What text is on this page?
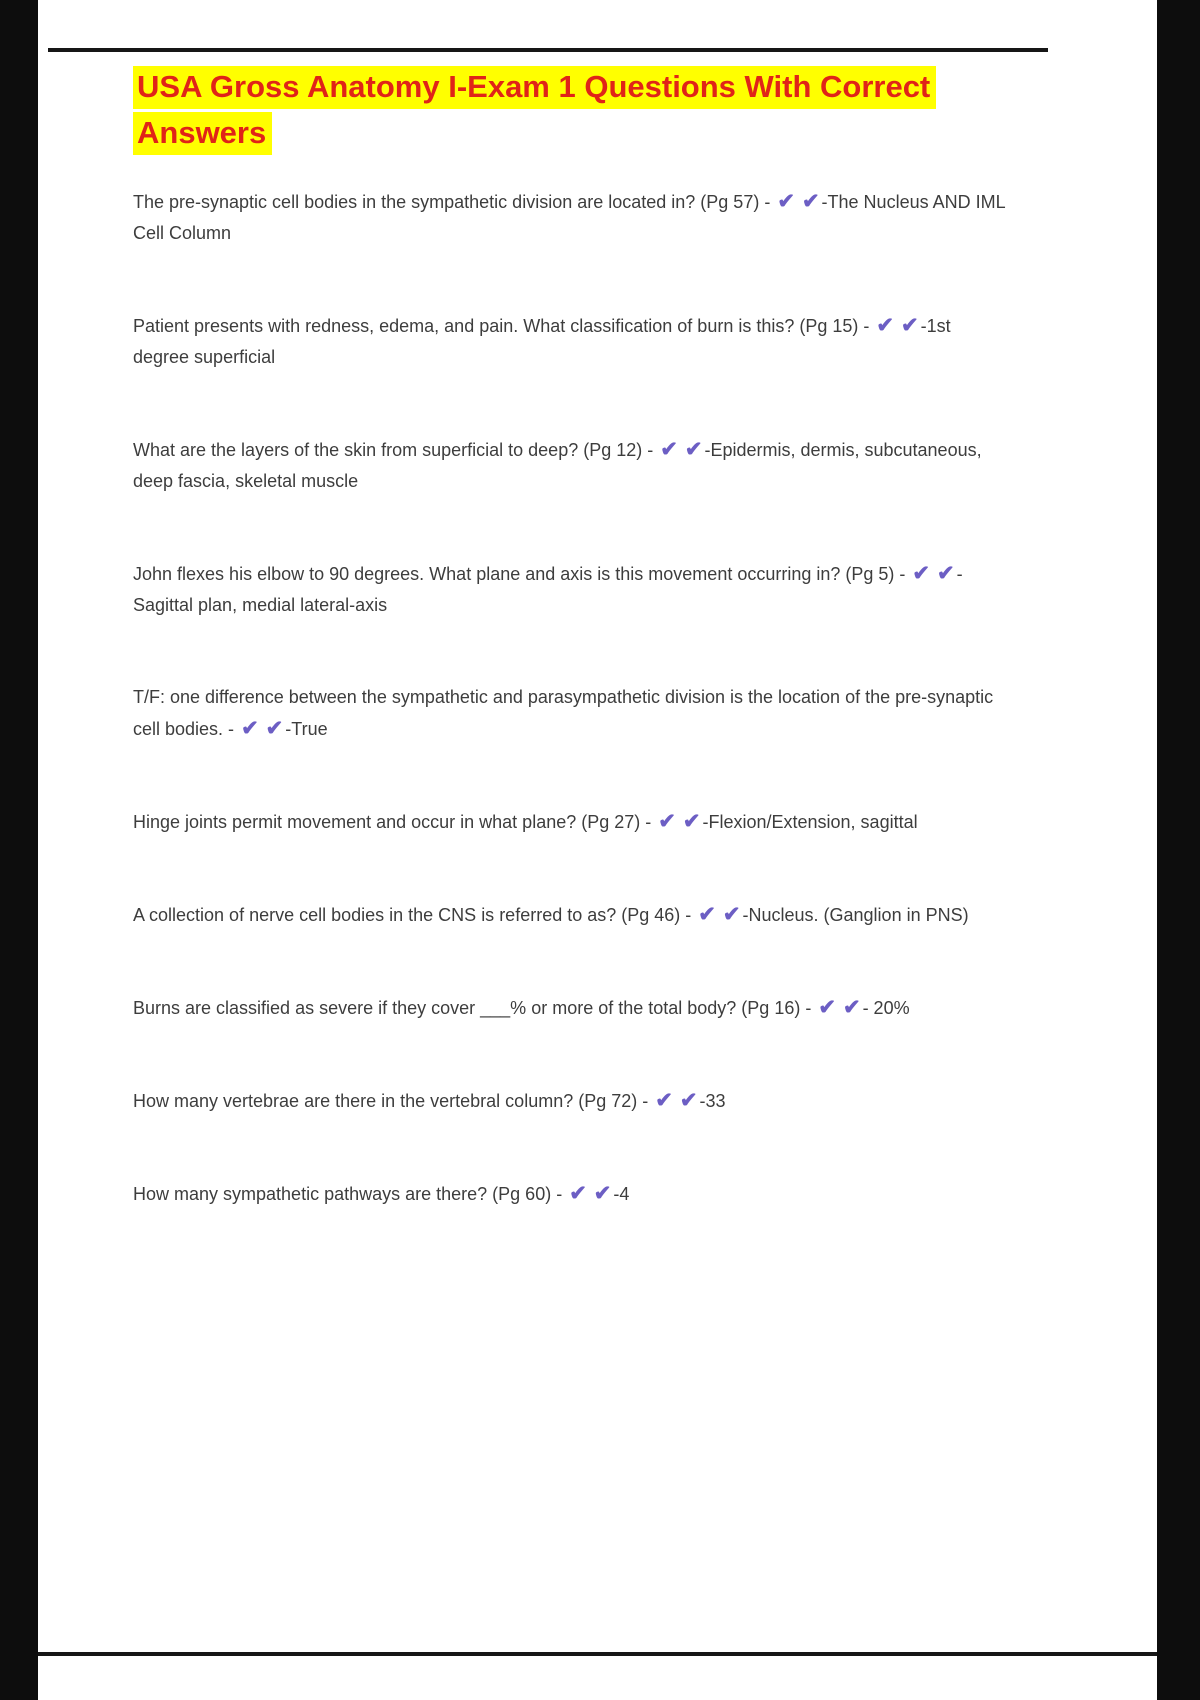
USA Gross Anatomy I-Exam 1 Questions With Correct Answers

The pre-synaptic cell bodies in the sympathetic division are located in? (Pg 57) - ✔ ✔ -The Nucleus AND IML Cell Column

Patient presents with redness, edema, and pain. What classification of burn is this? (Pg 15) - ✔ ✔ -1st degree superficial

What are the layers of the skin from superficial to deep? (Pg 12) - ✔ ✔ -Epidermis, dermis, subcutaneous, deep fascia, skeletal muscle

John flexes his elbow to 90 degrees. What plane and axis is this movement occurring in? (Pg 5) - ✔ ✔ -Sagittal plan, medial lateral-axis

T/F: one difference between the sympathetic and parasympathetic division is the location of the pre-synaptic cell bodies. - ✔ ✔ -True

Hinge joints permit movement and occur in what plane? (Pg 27) - ✔ ✔ -Flexion/Extension, sagittal

A collection of nerve cell bodies in the CNS is referred to as? (Pg 46) - ✔ ✔ -Nucleus. (Ganglion in PNS)

Burns are classified as severe if they cover ___% or more of the total body? (Pg 16) - ✔ ✔ - 20%

How many vertebrae are there in the vertebral column? (Pg 72) - ✔ ✔ -33

How many sympathetic pathways are there? (Pg 60) - ✔ ✔ -4
